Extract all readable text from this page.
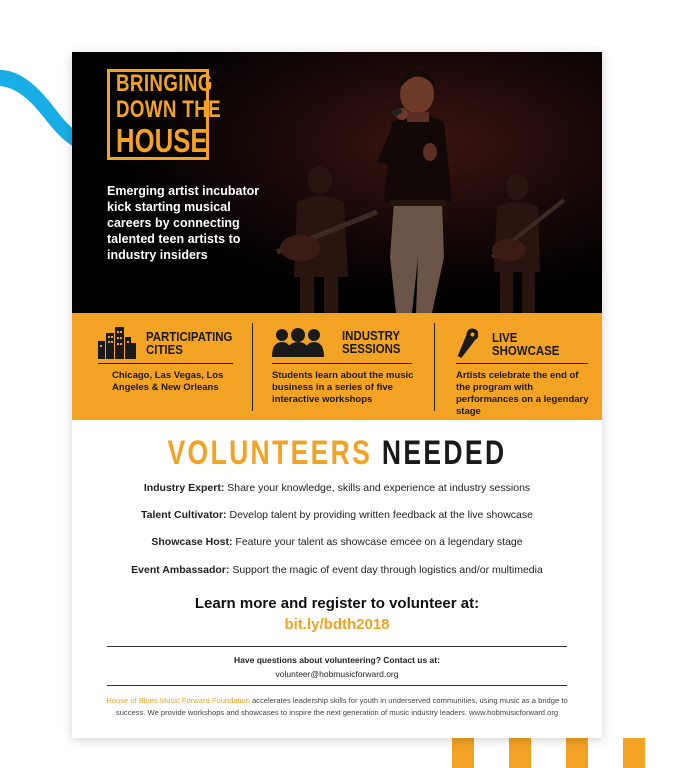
BRINGING
DOWN THE
HOUSE
Emerging artist incubator kick starting musical careers by connecting talented teen artists to industry insiders
PARTICIPATING
CITIES
Chicago, Las Vegas, Los Angeles & New Orleans
INDUSTRY
SESSIONS
Students learn about the music business in a series of five interactive workshops
LIVE
SHOWCASE
Artists celebrate the end of the program with performances on a legendary stage
VOLUNTEERS NEEDED
Industry Expert: Share your knowledge, skills and experience at industry sessions
Talent Cultivator: Develop talent by providing written feedback at the live showcase
Showcase Host: Feature your talent as showcase emcee on a legendary stage
Event Ambassador: Support the magic of event day through logistics and/or multimedia
Learn more and register to volunteer at:
bit.ly/bdth2018
Have questions about volunteering? Contact us at:
volunteer@hobmusicforward.org
House of Blues Music Forward Foundation accelerates leadership skills for youth in underserved communities, using music as a bridge to success. We provide workshops and showcases to inspire the next generation of music industry leaders. www.hobmusicforward.org
